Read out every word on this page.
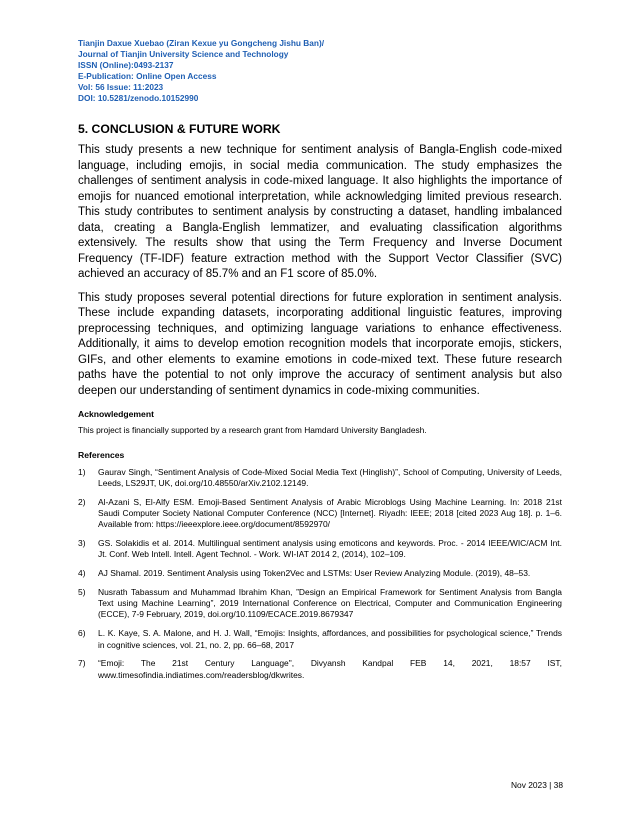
Tianjin Daxue Xuebao (Ziran Kexue yu Gongcheng Jishu Ban)/
Journal of Tianjin University Science and Technology
ISSN (Online):0493-2137
E-Publication: Online Open Access
Vol: 56 Issue: 11:2023
DOI: 10.5281/zenodo.10152990
5. CONCLUSION & FUTURE WORK

This study presents a new technique for sentiment analysis of Bangla-English code-mixed language, including emojis, in social media communication. The study emphasizes the challenges of sentiment analysis in code-mixed language. It also highlights the importance of emojis for nuanced emotional interpretation, while acknowledging limited previous research. This study contributes to sentiment analysis by constructing a dataset, handling imbalanced data, creating a Bangla-English lemmatizer, and evaluating classification algorithms extensively. The results show that using the Term Frequency and Inverse Document Frequency (TF-IDF) feature extraction method with the Support Vector Classifier (SVC) achieved an accuracy of 85.7% and an F1 score of 85.0%.

This study proposes several potential directions for future exploration in sentiment analysis. These include expanding datasets, incorporating additional linguistic features, improving preprocessing techniques, and optimizing language variations to enhance effectiveness. Additionally, it aims to develop emotion recognition models that incorporate emojis, stickers, GIFs, and other elements to examine emotions in code-mixed text. These future research paths have the potential to not only improve the accuracy of sentiment analysis but also deepen our understanding of sentiment dynamics in code-mixing communities.

Acknowledgement

This project is financially supported by a research grant from Hamdard University Bangladesh.

References
1) Gaurav Singh, “Sentiment Analysis of Code-Mixed Social Media Text (Hinglish)”, School of Computing, University of Leeds, Leeds, LS29JT, UK, doi.org/10.48550/arXiv.2102.12149.
2) Al-Azani S, El-Alfy ESM. Emoji-Based Sentiment Analysis of Arabic Microblogs Using Machine Learning. In: 2018 21st Saudi Computer Society National Computer Conference (NCC) [Internet]. Riyadh: IEEE; 2018 [cited 2023 Aug 18]. p. 1–6. Available from: https://ieeexplore.ieee.org/document/8592970/
3) GS. Solakidis et al. 2014. Multilingual sentiment analysis using emoticons and keywords. Proc. - 2014 IEEE/WIC/ACM Int. Jt. Conf. Web Intell. Intell. Agent Technol. - Work. WI-IAT 2014 2, (2014), 102–109.
4) AJ Shamal. 2019. Sentiment Analysis using Token2Vec and LSTMs: User Review Analyzing Module. (2019), 48–53.
5) Nusrath Tabassum and Muhammad Ibrahim Khan, ”Design an Empirical Framework for Sentiment Analysis from Bangla Text using Machine Learning”, 2019 International Conference on Electrical, Computer and Communication Engineering (ECCE), 7-9 February, 2019, doi.org/10.1109/ECACE.2019.8679347
6) L. K. Kaye, S. A. Malone, and H. J. Wall, “Emojis: Insights, affordances, and possibilities for psychological science,” Trends in cognitive sciences, vol. 21, no. 2, pp. 66–68, 2017
7) “Emoji: The 21st Century Language", Divyansh Kandpal FEB 14, 2021, 18:57 IST, www.timesofindia.indiatimes.com/readersblog/dkwrites.
Nov 2023 | 38
